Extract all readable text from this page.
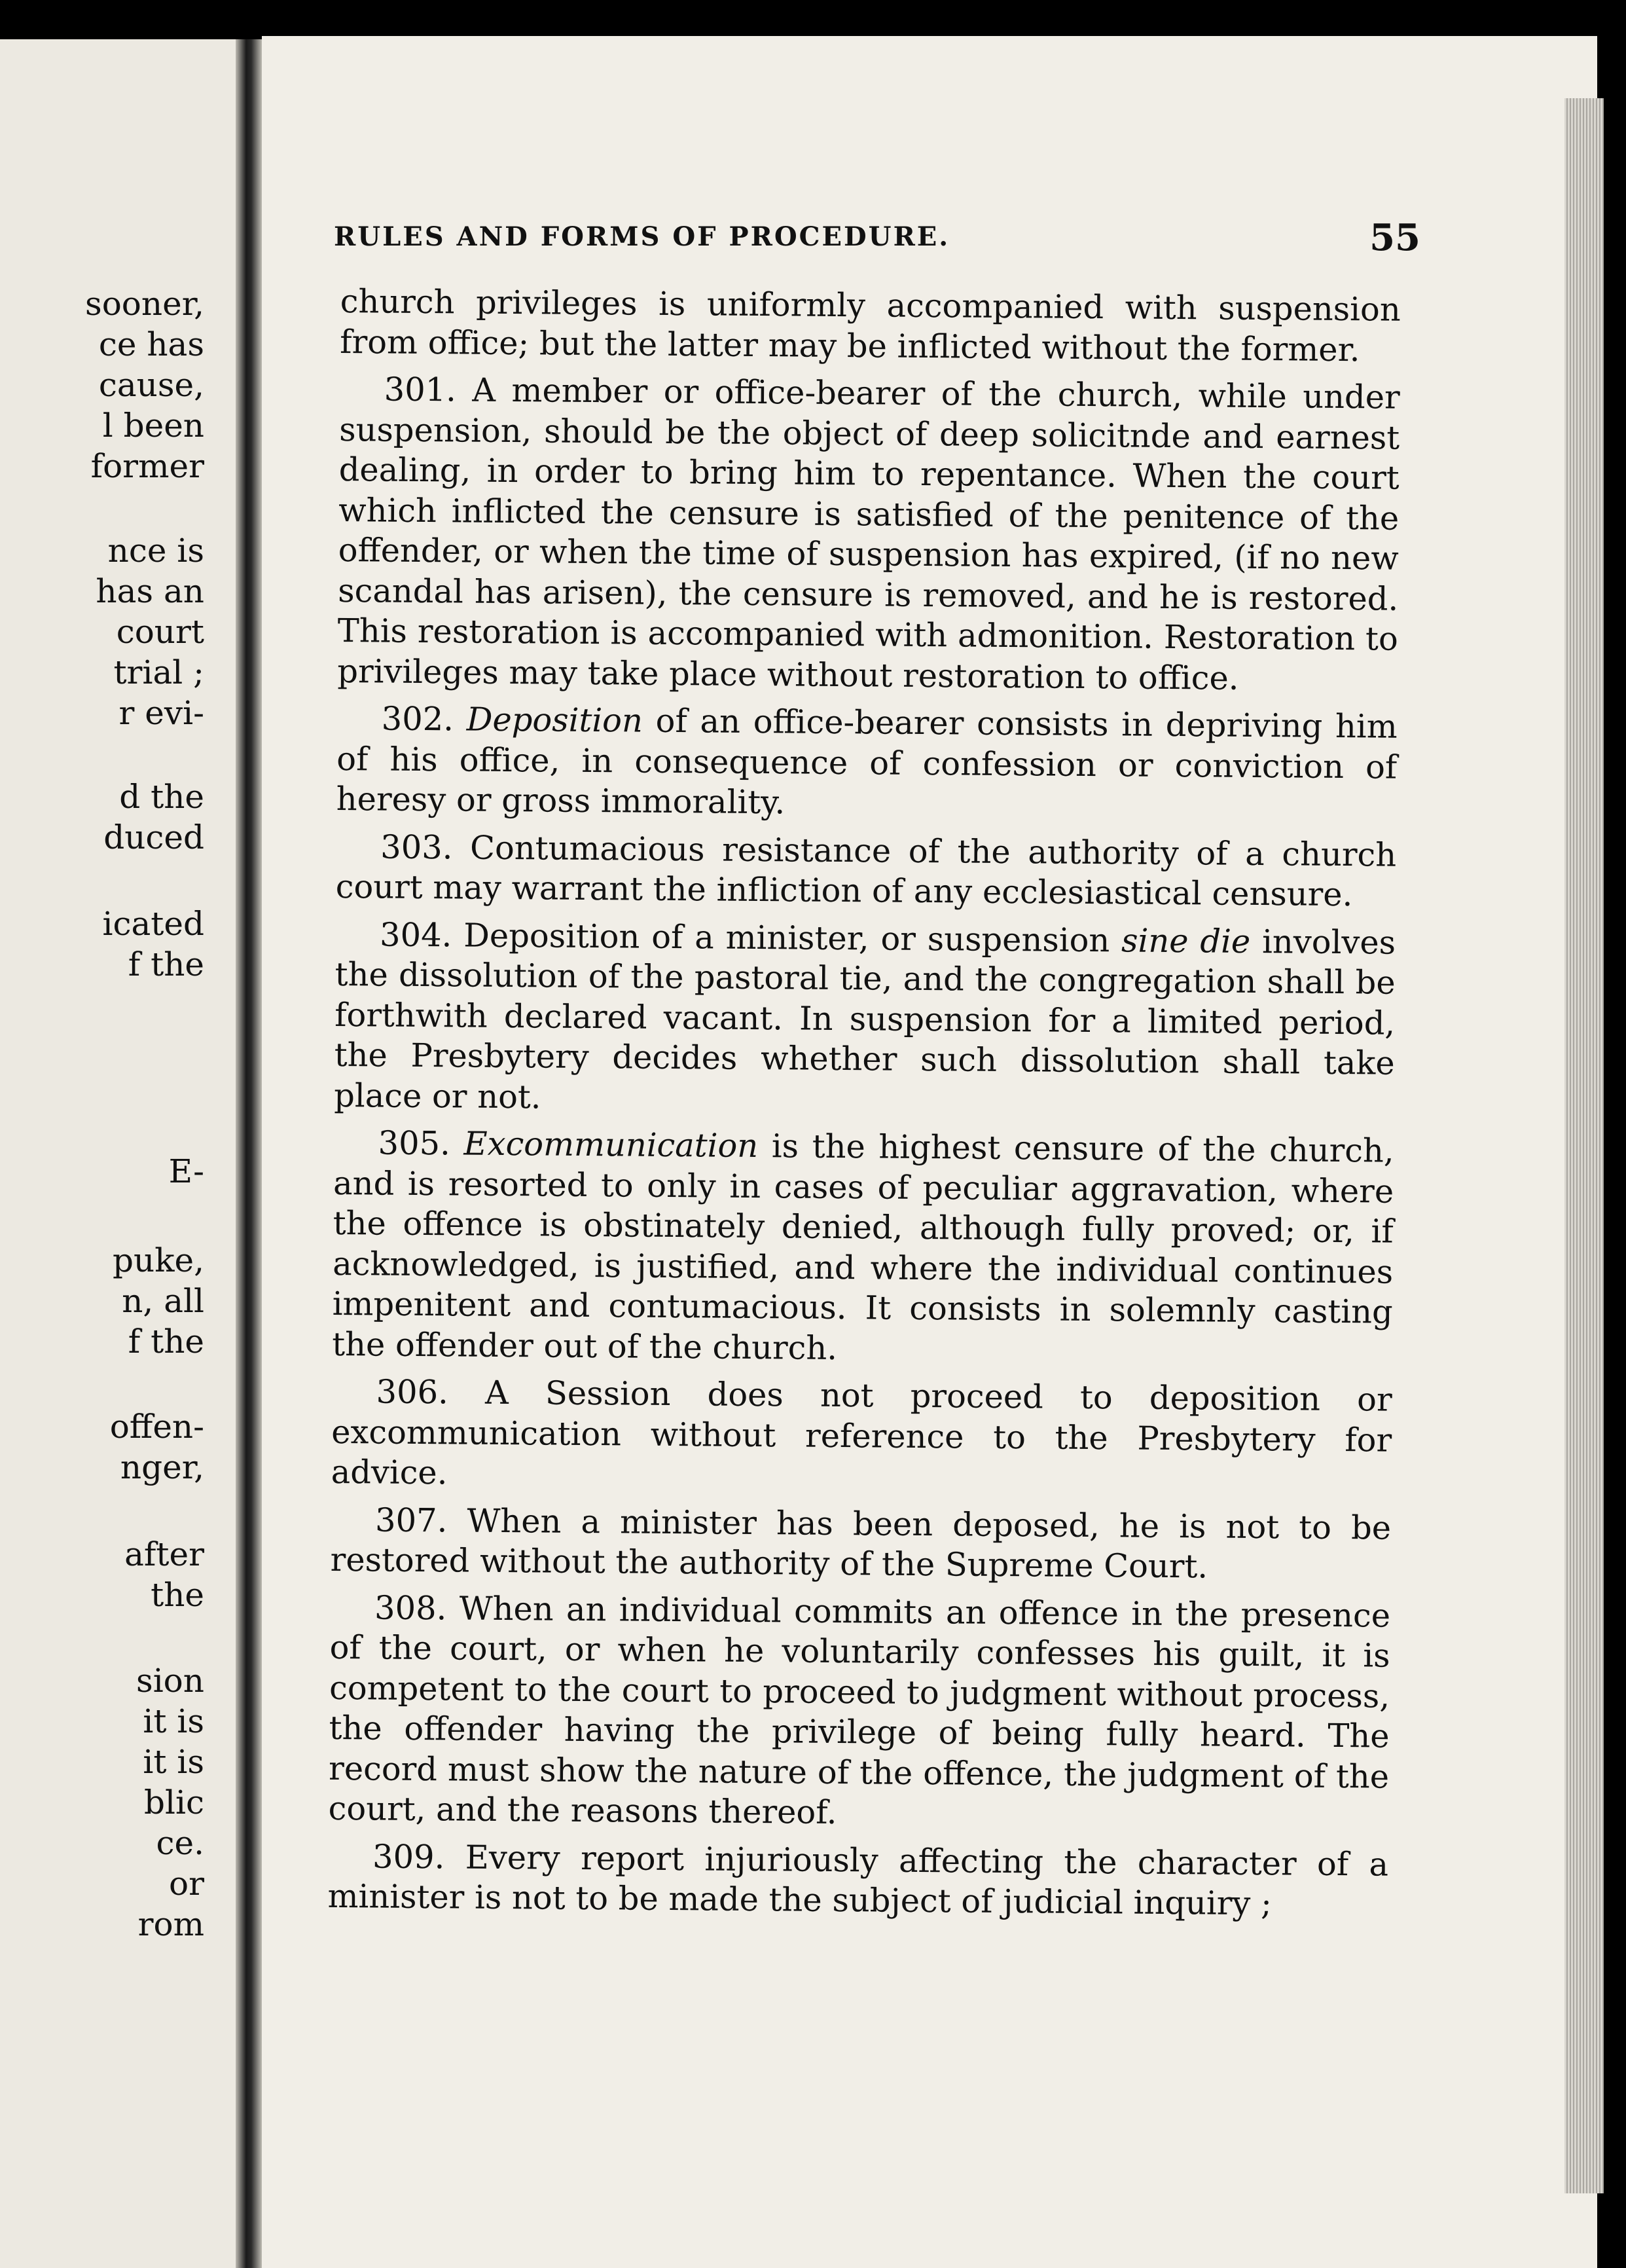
sooner,
ce has
cause,
l been
former
nce is
has an
court
trial ;
r evi-
d the
duced
icated
f the
E-
puke,
n, all
f the
offen-
nger,
after
the
sion
it is
it is
blic
ce.
or
rom
RULES AND FORMS OF PROCEDURE.	55

church privileges is uniformly accompanied with suspension from office; but the latter may be inflicted without the former.

301. A member or office-bearer of the church, while under suspension, should be the object of deep solicitnde and earnest dealing, in order to bring him to repentance. When the court which inflicted the censure is satisfied of the penitence of the offender, or when the time of suspension has expired, (if no new scandal has arisen), the censure is removed, and he is restored. This restoration is accompanied with admonition. Restoration to privileges may take place without restoration to office.

302. Deposition of an office-bearer consists in depriving him of his office, in consequence of confession or conviction of heresy or gross immorality.

303. Contumacious resistance of the authority of a church court may warrant the infliction of any ecclesiastical censure.

304. Deposition of a minister, or suspension sine die involves the dissolution of the pastoral tie, and the congregation shall be forthwith declared vacant. In suspension for a limited period, the Presbytery decides whether such dissolution shall take place or not.

305. Excommunication is the highest censure of the church, and is resorted to only in cases of peculiar aggravation, where the offence is obstinately denied, although fully proved; or, if acknowledged, is justified, and where the individual continues impenitent and contumacious. It consists in solemnly casting the offender out of the church.

306. A Session does not proceed to deposition or excommunication without reference to the Presbytery for advice.

307. When a minister has been deposed, he is not to be restored without the authority of the Supreme Court.

308. When an individual commits an offence in the presence of the court, or when he voluntarily confesses his guilt, it is competent to the court to proceed to judgment without process, the offender having the privilege of being fully heard. The record must show the nature of the offence, the judgment of the court, and the reasons thereof.

309. Every report injuriously affecting the character of a minister is not to be made the subject of judicial inquiry ;
